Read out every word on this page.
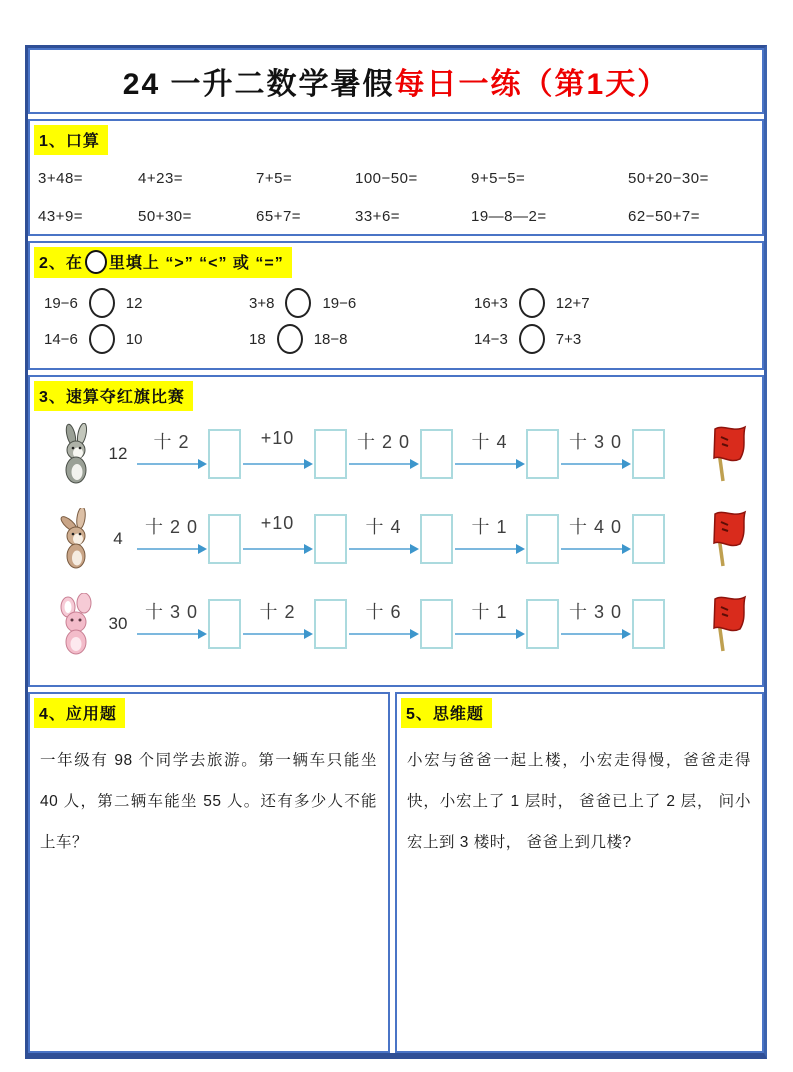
24 一升二数学暑假 每日一练（第1天）
1、口算
3+48=	4+23=	7+5=	100−50=	9+5−5=	50+20−30=
43+9=	50+30=	65+7=	33+6=	19—8—2=	62−50+7=
2、在 里填上 “>” “<” 或 “=”
19−6	12	3+8	19−6	16+3	12+7
14−6	10	18	18−8	14−3	7+3
3、速算夺红旗比赛
12
十 2	+10	十 2 0	十 4	十 3 0
4
十 2 0	+10	十 4	十 1	十 4 0
30
十 3 0	十 2	十 6	十 1	十 3 0
4、应用题
一年级有 98 个同学去旅游。第一辆车只能坐 40 人，第二辆车能坐 55 人。还有多少人不能上车？
5、思维题
小宏与爸爸一起上楼，小宏走得慢，爸爸走得快，小宏上了 1 层时， 爸爸已上了 2 层， 问小宏上到 3 楼时， 爸爸上到几楼?
